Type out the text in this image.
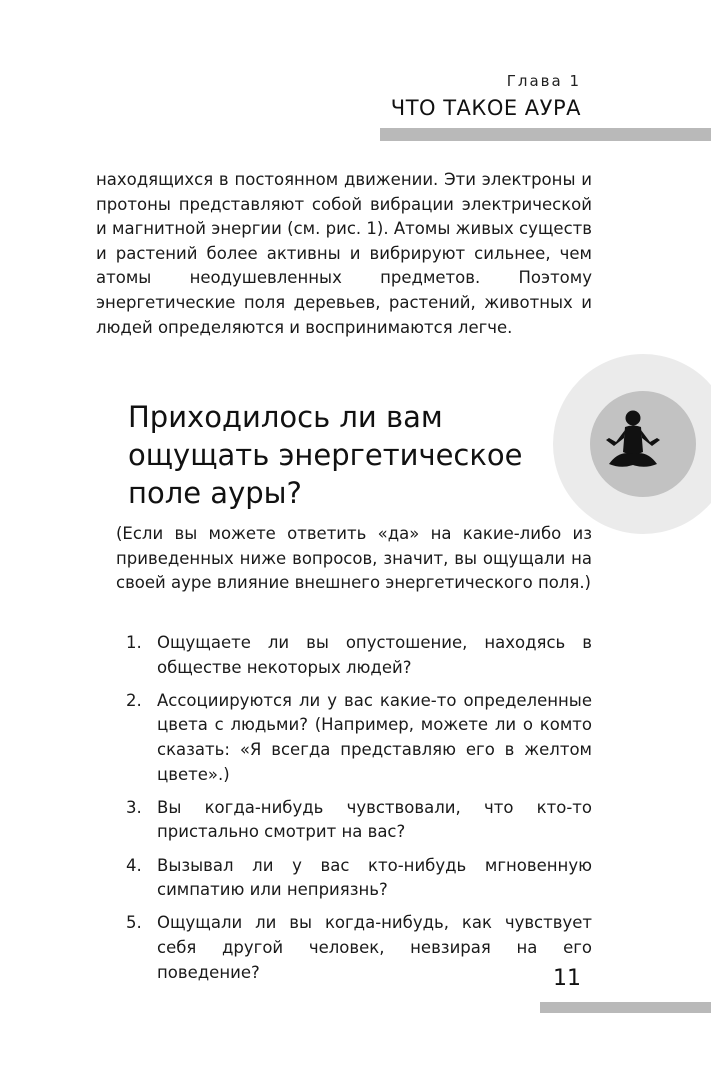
Глава 1
ЧТО ТАКОЕ АУРА

находящихся в постоянном движении. Эти электроны и протоны представляют собой вибрации электрической и магнитной энергии (см. рис. 1). Атомы живых существ и растений более активны и вибрируют сильнее, чем атомы неодушевленных предметов. Поэтому энергетические поля деревьев, растений, животных и людей определяются и воспринимаются легче.

Приходилось ли вам ощущать энергетическое поле ауры?

(Если вы можете ответить «да» на какие-либо из приведенных ниже вопросов, значит, вы ощущали на своей ауре влияние внешнего энергетического поля.)

1. Ощущаете ли вы опустошение, находясь в обществе некоторых людей?
2. Ассоциируются ли у вас какие-то определенные цвета с людьми? (Например, можете ли о комто сказать: «Я всегда представляю его в желтом цвете».)
3. Вы когда-нибудь чувствовали, что кто-то пристально смотрит на вас?
4. Вызывал ли у вас кто-нибудь мгновенную симпатию или неприязнь?
5. Ощущали ли вы когда-нибудь, как чувствует себя другой человек, невзирая на его поведение?	11
